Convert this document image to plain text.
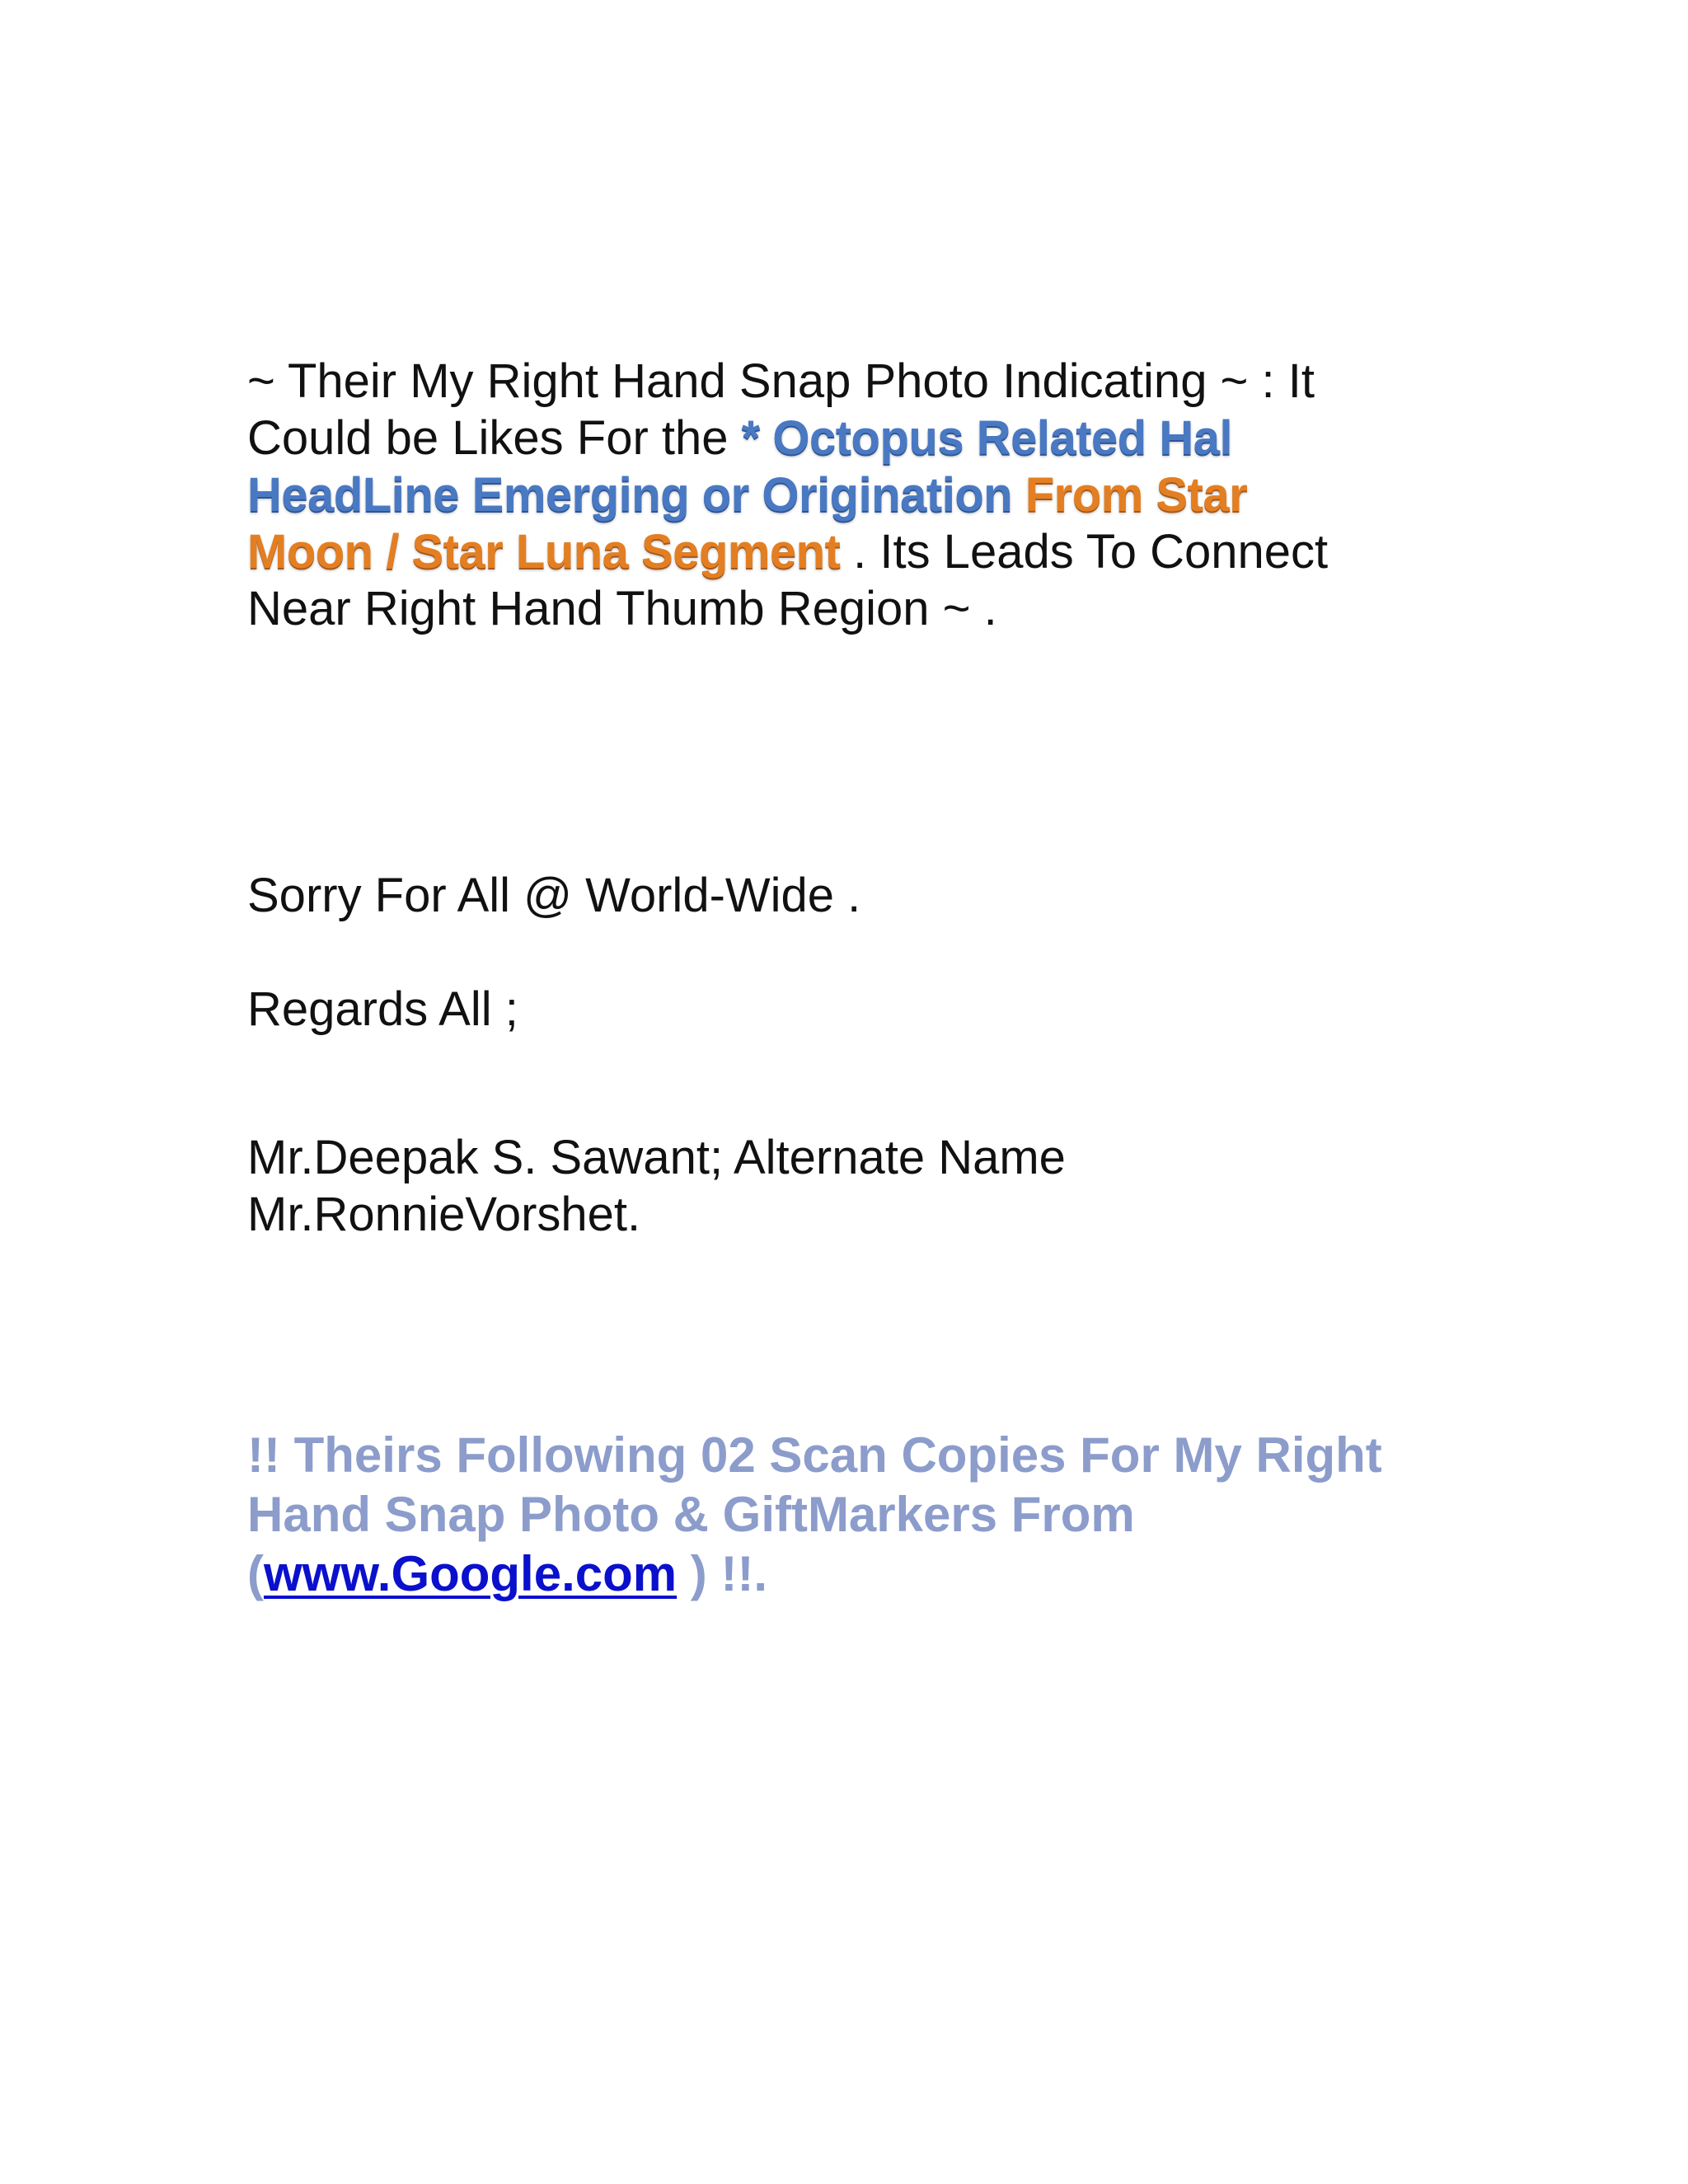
~ Their My Right Hand Snap Photo Indicating ~ : It
Could be Likes For the * Octopus Related Hal
HeadLine Emerging or Origination From Star
Moon / Star Luna Segment . Its Leads To Connect
Near Right Hand Thumb Region ~ .

Sorry For All @ World-Wide .

Regards All ;

Mr.Deepak S. Sawant; Alternate Name
Mr.RonnieVorshet.
!! Theirs Following 02 Scan Copies For My Right
Hand Snap Photo & GiftMarkers From
(www.Google.com ) !!.
